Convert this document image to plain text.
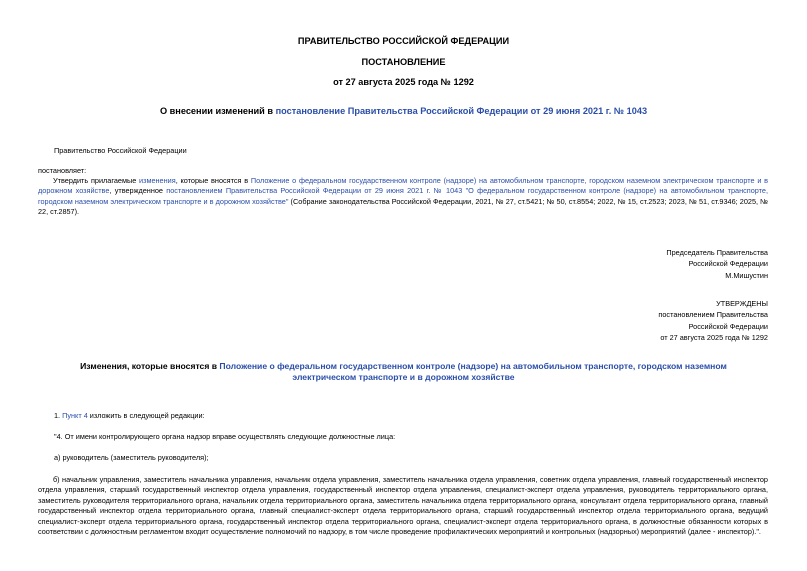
ПРАВИТЕЛЬСТВО РОССИЙСКОЙ ФЕДЕРАЦИИ
ПОСТАНОВЛЕНИЕ
от 27 августа 2025 года № 1292
О внесении изменений в постановление Правительства Российской Федерации от 29 июня 2021 г. № 1043
Правительство Российской Федерации
постановляет:
Утвердить прилагаемые изменения, которые вносятся в Положение о федеральном государственном контроле (надзоре) на автомобильном транспорте, городском наземном электрическом транспорте и в дорожном хозяйстве, утвержденное постановлением Правительства Российской Федерации от 29 июня 2021 г. № 1043 "О федеральном государственном контроле (надзоре) на автомобильном транспорте, городском наземном электрическом транспорте и в дорожном хозяйстве" (Собрание законодательства Российской Федерации, 2021, № 27, ст.5421; № 50, ст.8554; 2022, № 15, ст.2523; 2023, № 51, ст.9346; 2025, № 22, ст.2857).
Председатель Правительства
Российской Федерации
М.Мишустин
УТВЕРЖДЕНЫ
постановлением Правительства
Российской Федерации
от 27 августа 2025 года № 1292
Изменения, которые вносятся в Положение о федеральном государственном контроле (надзоре) на автомобильном транспорте, городском наземном электрическом транспорте и в дорожном хозяйстве
1. Пункт 4 изложить в следующей редакции:
"4. От имени контролирующего органа надзор вправе осуществлять следующие должностные лица:
а) руководитель (заместитель руководителя);
б) начальник управления, заместитель начальника управления, начальник отдела управления, заместитель начальника отдела управления, советник отдела управления, главный государственный инспектор отдела управления, старший государственный инспектор отдела управления, государственный инспектор отдела управления, специалист-эксперт отдела управления, руководитель территориального органа, заместитель руководителя территориального органа, начальник отдела территориального органа, заместитель начальника отдела территориального органа, консультант отдела территориального органа, главный государственный инспектор отдела территориального органа, главный специалист-эксперт отдела территориального органа, старший государственный инспектор отдела территориального органа, ведущий специалист-эксперт отдела территориального органа, государственный инспектор отдела территориального органа, специалист-эксперт отдела территориального органа, в должностные обязанности которых в соответствии с должностным регламентом входит осуществление полномочий по надзору, в том числе проведение профилактических мероприятий и контрольных (надзорных) мероприятий (далее - инспектор).".
